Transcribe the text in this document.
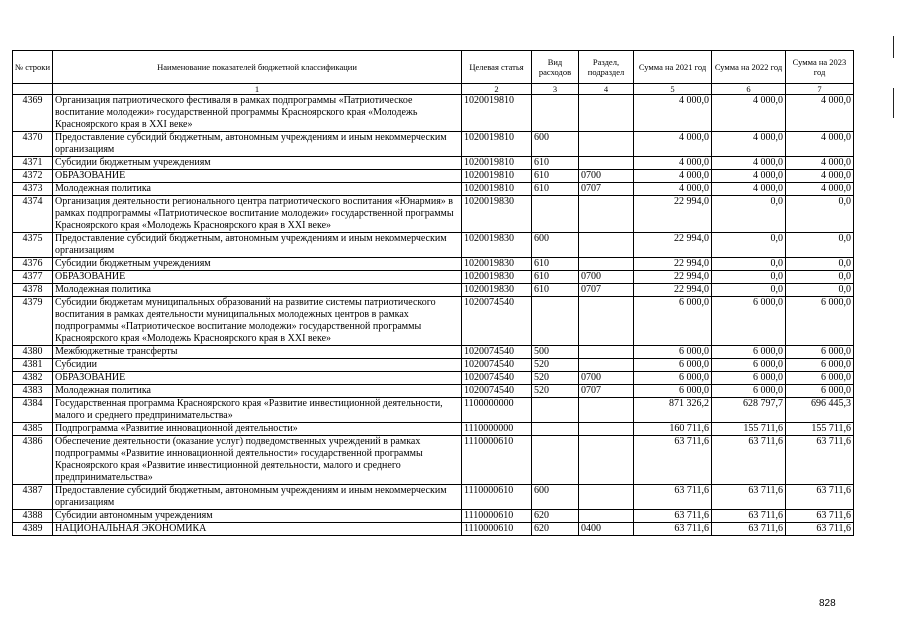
№ строки	Наименование показателей бюджетной классификации	Целевая статья	Вид расходов	Раздел, подраздел	Сумма на 2021 год	Сумма на 2022 год	Сумма на 2023 год
	1	2	3	4	5	6	7
4369	Организация патриотического фестиваля в рамках подпрограммы «Патриотическое воспитание молодежи» государственной программы Красноярского края «Молодежь Красноярского края в XXI веке»	1020019810			4 000,0	4 000,0	4 000,0
4370	Предоставление субсидий бюджетным, автономным учреждениям и иным некоммерческим организациям	1020019810	600		4 000,0	4 000,0	4 000,0
4371	Субсидии бюджетным учреждениям	1020019810	610		4 000,0	4 000,0	4 000,0
4372	ОБРАЗОВАНИЕ	1020019810	610	0700	4 000,0	4 000,0	4 000,0
4373	Молодежная политика	1020019810	610	0707	4 000,0	4 000,0	4 000,0
4374	Организация деятельности регионального центра патриотического воспитания «Юнармия» в рамках подпрограммы «Патриотическое воспитание молодежи» государственной программы Красноярского края «Молодежь Красноярского края в XXI веке»	1020019830			22 994,0	0,0	0,0
4375	Предоставление субсидий бюджетным, автономным учреждениям и иным некоммерческим организациям	1020019830	600		22 994,0	0,0	0,0
4376	Субсидии бюджетным учреждениям	1020019830	610		22 994,0	0,0	0,0
4377	ОБРАЗОВАНИЕ	1020019830	610	0700	22 994,0	0,0	0,0
4378	Молодежная политика	1020019830	610	0707	22 994,0	0,0	0,0
4379	Субсидии бюджетам муниципальных образований на развитие системы патриотического воспитания в рамках деятельности муниципальных молодежных центров в рамках подпрограммы «Патриотическое воспитание молодежи» государственной программы Красноярского края «Молодежь Красноярского края в XXI веке»	1020074540			6 000,0	6 000,0	6 000,0
4380	Межбюджетные трансферты	1020074540	500		6 000,0	6 000,0	6 000,0
4381	Субсидии	1020074540	520		6 000,0	6 000,0	6 000,0
4382	ОБРАЗОВАНИЕ	1020074540	520	0700	6 000,0	6 000,0	6 000,0
4383	Молодежная политика	1020074540	520	0707	6 000,0	6 000,0	6 000,0
4384	Государственная программа Красноярского края «Развитие инвестиционной деятельности, малого и среднего предпринимательства»	1100000000			871 326,2	628 797,7	696 445,3
4385	Подпрограмма «Развитие инновационной деятельности»	1110000000			160 711,6	155 711,6	155 711,6
4386	Обеспечение деятельности (оказание услуг) подведомственных учреждений в рамках подпрограммы «Развитие инновационной деятельности» государственной программы Красноярского края «Развитие инвестиционной деятельности, малого и среднего предпринимательства»	1110000610			63 711,6	63 711,6	63 711,6
4387	Предоставление субсидий бюджетным, автономным учреждениям и иным некоммерческим организациям	1110000610	600		63 711,6	63 711,6	63 711,6
4388	Субсидии автономным учреждениям	1110000610	620		63 711,6	63 711,6	63 711,6
4389	НАЦИОНАЛЬНАЯ ЭКОНОМИКА	1110000610	620	0400	63 711,6	63 711,6	63 711,6
828
